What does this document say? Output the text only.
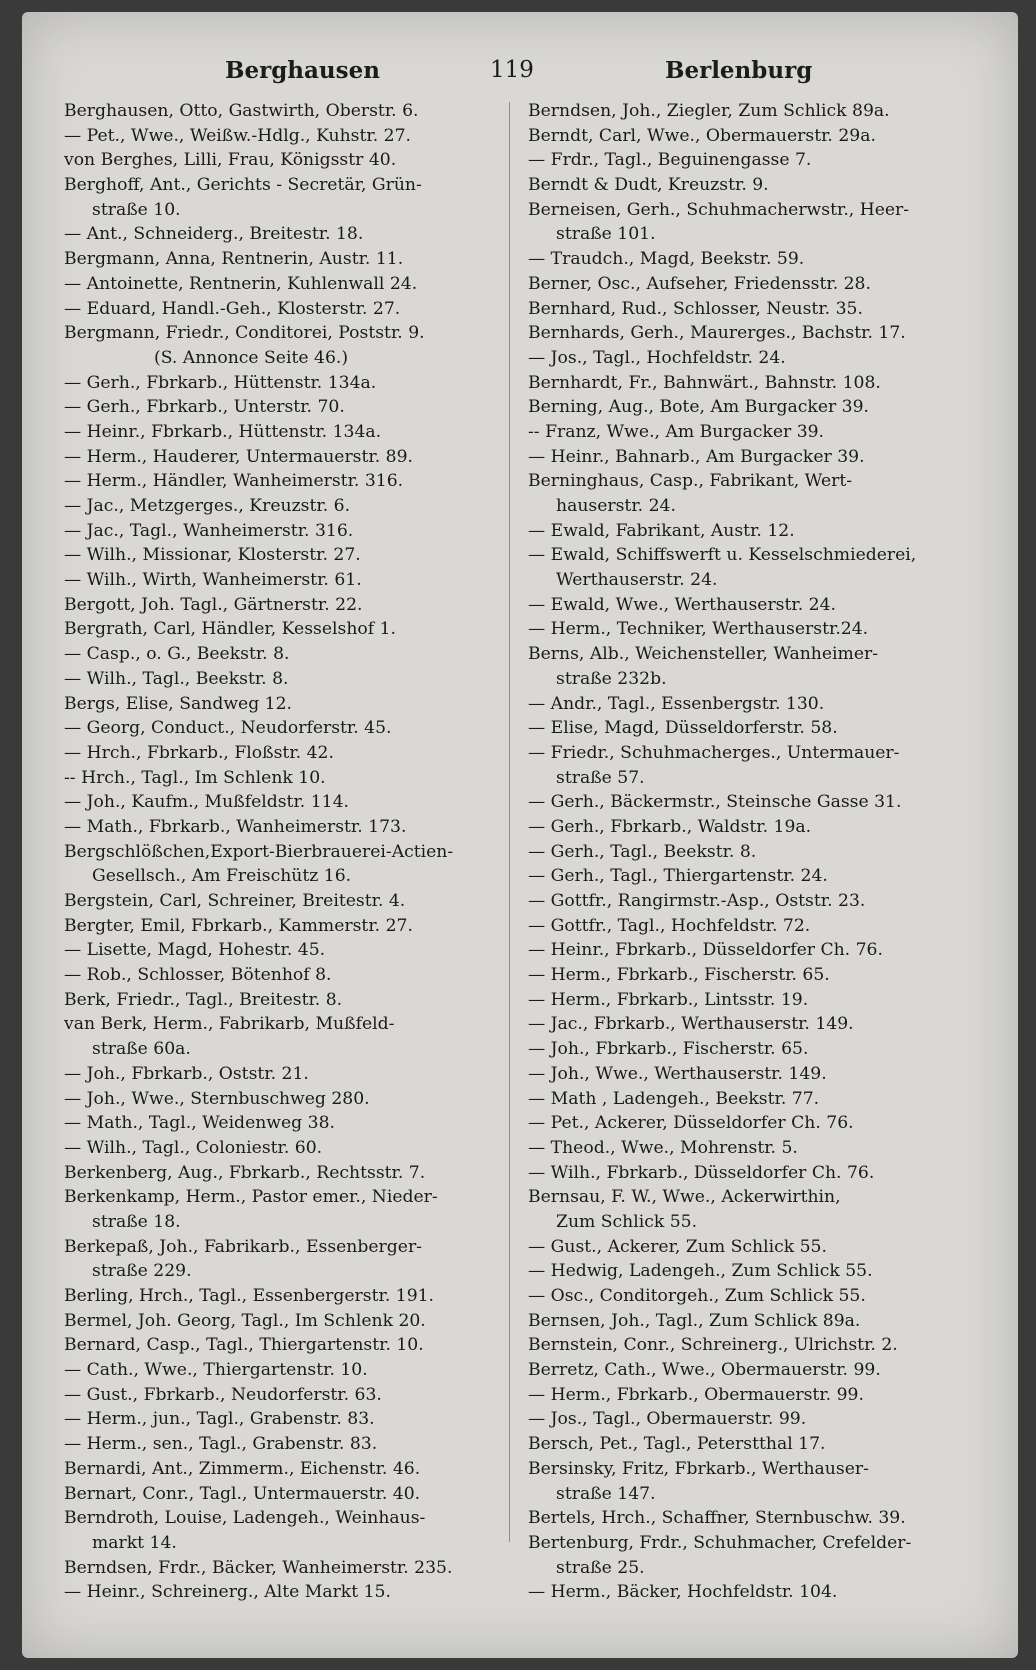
Berghausen	119	Berlenburg
Berghausen, Otto, Gastwirth, Oberstr. 6.
— Pet., Wwe., Weißw.-Hdlg., Kuhstr. 27.
von Berghes, Lilli, Frau, Königsstr 40.
Berghoff, Ant., Gerichts - Secretär, Grün-
straße 10.
— Ant., Schneiderg., Breitestr. 18.
Bergmann, Anna, Rentnerin, Austr. 11.
— Antoinette, Rentnerin, Kuhlenwall 24.
— Eduard, Handl.-Geh., Klosterstr. 27.
Bergmann, Friedr., Conditorei, Poststr. 9.
(S. Annonce Seite 46.)
— Gerh., Fbrkarb., Hüttenstr. 134a.
— Gerh., Fbrkarb., Unterstr. 70.
— Heinr., Fbrkarb., Hüttenstr. 134a.
— Herm., Hauderer, Untermauerstr. 89.
— Herm., Händler, Wanheimerstr. 316.
— Jac., Metzgerges., Kreuzstr. 6.
— Jac., Tagl., Wanheimerstr. 316.
— Wilh., Missionar, Klosterstr. 27.
— Wilh., Wirth, Wanheimerstr. 61.
Bergott, Joh. Tagl., Gärtnerstr. 22.
Bergrath, Carl, Händler, Kesselshof 1.
— Casp., o. G., Beekstr. 8.
— Wilh., Tagl., Beekstr. 8.
Bergs, Elise, Sandweg 12.
— Georg, Conduct., Neudorferstr. 45.
— Hrch., Fbrkarb., Floßstr. 42.
-- Hrch., Tagl., Im Schlenk 10.
— Joh., Kaufm., Mußfeldstr. 114.
— Math., Fbrkarb., Wanheimerstr. 173.
Bergschlößchen,Export-Bierbrauerei-Actien-
Gesellsch., Am Freischütz 16.
Bergstein, Carl, Schreiner, Breitestr. 4.
Bergter, Emil, Fbrkarb., Kammerstr. 27.
— Lisette, Magd, Hohestr. 45.
— Rob., Schlosser, Bötenhof 8.
Berk, Friedr., Tagl., Breitestr. 8.
van Berk, Herm., Fabrikarb, Mußfeld-
straße 60a.
— Joh., Fbrkarb., Oststr. 21.
— Joh., Wwe., Sternbuschweg 280.
— Math., Tagl., Weidenweg 38.
— Wilh., Tagl., Coloniestr. 60.
Berkenberg, Aug., Fbrkarb., Rechtsstr. 7.
Berkenkamp, Herm., Pastor emer., Nieder-
straße 18.
Berkepaß, Joh., Fabrikarb., Essenberger-
straße 229.
Berling, Hrch., Tagl., Essenbergerstr. 191.
Bermel, Joh. Georg, Tagl., Im Schlenk 20.
Bernard, Casp., Tagl., Thiergartenstr. 10.
— Cath., Wwe., Thiergartenstr. 10.
— Gust., Fbrkarb., Neudorferstr. 63.
— Herm., jun., Tagl., Grabenstr. 83.
— Herm., sen., Tagl., Grabenstr. 83.
Bernardi, Ant., Zimmerm., Eichenstr. 46.
Bernart, Conr., Tagl., Untermauerstr. 40.
Berndroth, Louise, Ladengeh., Weinhaus-
markt 14.
Berndsen, Frdr., Bäcker, Wanheimerstr. 235.
— Heinr., Schreinerg., Alte Markt 15.
Berndsen, Joh., Ziegler, Zum Schlick 89a.
Berndt, Carl, Wwe., Obermauerstr. 29a.
— Frdr., Tagl., Beguinengasse 7.
Berndt & Dudt, Kreuzstr. 9.
Berneisen, Gerh., Schuhmacherwstr., Heer-
straße 101.
— Traudch., Magd, Beekstr. 59.
Berner, Osc., Aufseher, Friedensstr. 28.
Bernhard, Rud., Schlosser, Neustr. 35.
Bernhards, Gerh., Maurerges., Bachstr. 17.
— Jos., Tagl., Hochfeldstr. 24.
Bernhardt, Fr., Bahnwärt., Bahnstr. 108.
Berning, Aug., Bote, Am Burgacker 39.
-- Franz, Wwe., Am Burgacker 39.
— Heinr., Bahnarb., Am Burgacker 39.
Berninghaus, Casp., Fabrikant, Wert-
hauserstr. 24.
— Ewald, Fabrikant, Austr. 12.
— Ewald, Schiffswerft u. Kesselschmiederei,
Werthauserstr. 24.
— Ewald, Wwe., Werthauserstr. 24.
— Herm., Techniker, Werthauserstr.24.
Berns, Alb., Weichensteller, Wanheimer-
straße 232b.
— Andr., Tagl., Essenbergstr. 130.
— Elise, Magd, Düsseldorferstr. 58.
— Friedr., Schuhmacherges., Untermauer-
straße 57.
— Gerh., Bäckermstr., Steinsche Gasse 31.
— Gerh., Fbrkarb., Waldstr. 19a.
— Gerh., Tagl., Beekstr. 8.
— Gerh., Tagl., Thiergartenstr. 24.
— Gottfr., Rangirmstr.-Asp., Oststr. 23.
— Gottfr., Tagl., Hochfeldstr. 72.
— Heinr., Fbrkarb., Düsseldorfer Ch. 76.
— Herm., Fbrkarb., Fischerstr. 65.
— Herm., Fbrkarb., Lintsstr. 19.
— Jac., Fbrkarb., Werthauserstr. 149.
— Joh., Fbrkarb., Fischerstr. 65.
— Joh., Wwe., Werthauserstr. 149.
— Math , Ladengeh., Beekstr. 77.
— Pet., Ackerer, Düsseldorfer Ch. 76.
— Theod., Wwe., Mohrenstr. 5.
— Wilh., Fbrkarb., Düsseldorfer Ch. 76.
Bernsau, F. W., Wwe., Ackerwirthin,
Zum Schlick 55.
— Gust., Ackerer, Zum Schlick 55.
— Hedwig, Ladengeh., Zum Schlick 55.
— Osc., Conditorgeh., Zum Schlick 55.
Bernsen, Joh., Tagl., Zum Schlick 89a.
Bernstein, Conr., Schreinerg., Ulrichstr. 2.
Berretz, Cath., Wwe., Obermauerstr. 99.
— Herm., Fbrkarb., Obermauerstr. 99.
— Jos., Tagl., Obermauerstr. 99.
Bersch, Pet., Tagl., Peterstthal 17.
Bersinsky, Fritz, Fbrkarb., Werthauser-
straße 147.
Bertels, Hrch., Schaffner, Sternbuschw. 39.
Bertenburg, Frdr., Schuhmacher, Crefelder-
straße 25.
— Herm., Bäcker, Hochfeldstr. 104.
